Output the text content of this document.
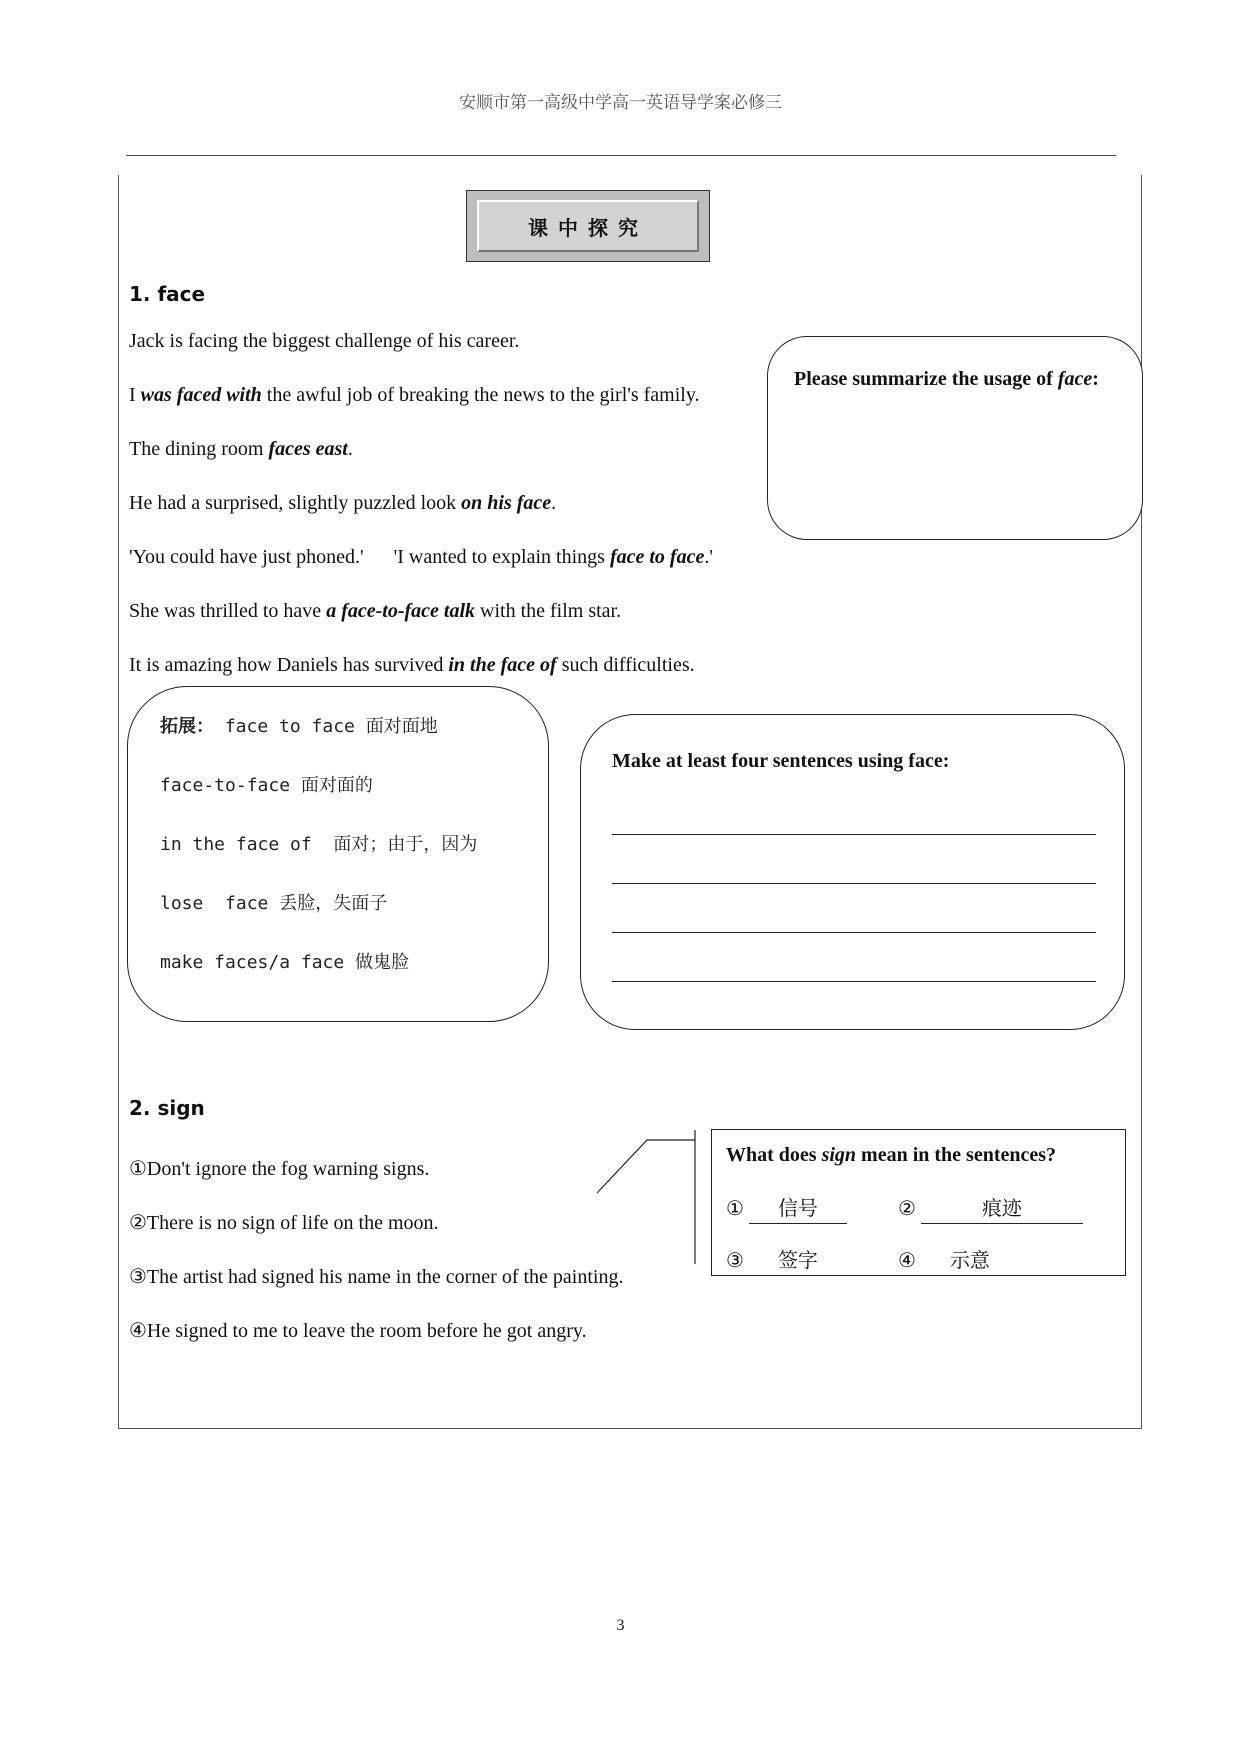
安顺市第一高级中学高一英语导学案必修三
课中探究
1. face
Jack is facing the biggest challenge of his career.
I was faced with the awful job of breaking the news to the girl's family.
The dining room faces east.
He had a surprised, slightly puzzled look on his face.
'You could have just phoned.'      'I wanted to explain things face to face.'
She was thrilled to have a face-to-face talk with the film star.
It is amazing how Daniels has survived in the face of such difficulties.
Please summarize the usage of face:
拓展： face to face 面对面地
face-to-face 面对面的
in the face of  面对；由于，因为
lose  face 丢脸，失面子
make faces/a face 做鬼脸
Make at least four sentences using face:
2. sign
①Don't ignore the fog warning signs.
②There is no sign of life on the moon.
③The artist had signed his name in the corner of the painting.
④He signed to me to leave the room before he got angry.
What does sign mean in the sentences?
① 信号	②	痕迹
③ 签字	④ 示意
3
